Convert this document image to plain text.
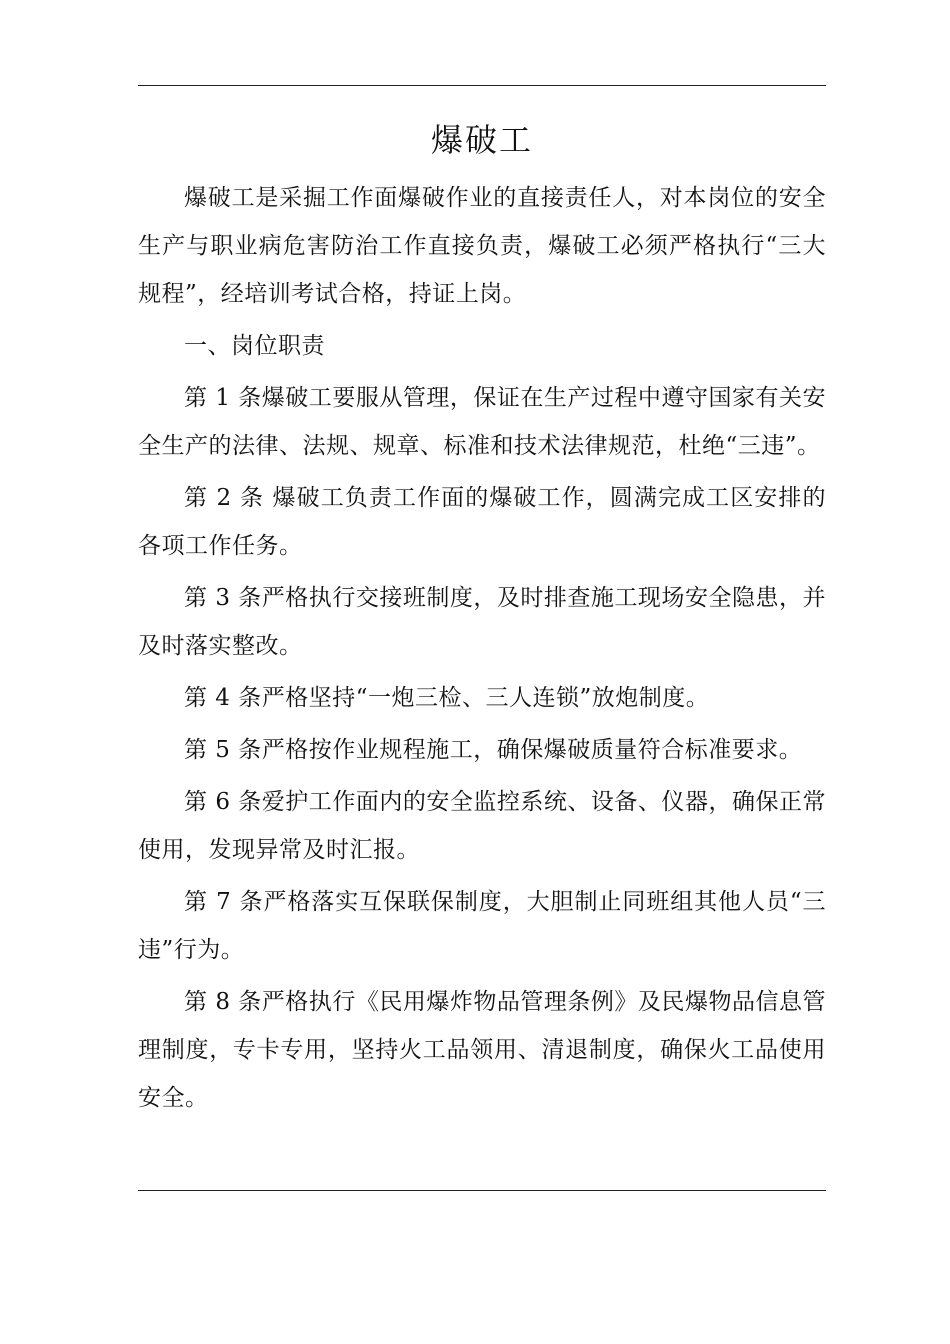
爆破工

爆破工是采掘工作面爆破作业的直接责任人，对本岗位的安全生产与职业病危害防治工作直接负责，爆破工必须严格执行“三大规程”，经培训考试合格，持证上岗。

一、岗位职责

第 1 条爆破工要服从管理，保证在生产过程中遵守国家有关安全生产的法律、法规、规章、标准和技术法律规范，杜绝“三违”。

第 2 条 爆破工负责工作面的爆破工作，圆满完成工区安排的各项工作任务。

第 3 条严格执行交接班制度，及时排查施工现场安全隐患，并及时落实整改。

第 4 条严格坚持“一炮三检、三人连锁”放炮制度。

第 5 条严格按作业规程施工，确保爆破质量符合标准要求。

第 6 条爱护工作面内的安全监控系统、设备、仪器，确保正常使用，发现异常及时汇报。

第 7 条严格落实互保联保制度，大胆制止同班组其他人员“三违”行为。

第 8 条严格执行《民用爆炸物品管理条例》及民爆物品信息管理制度，专卡专用，坚持火工品领用、清退制度，确保火工品使用安全。
